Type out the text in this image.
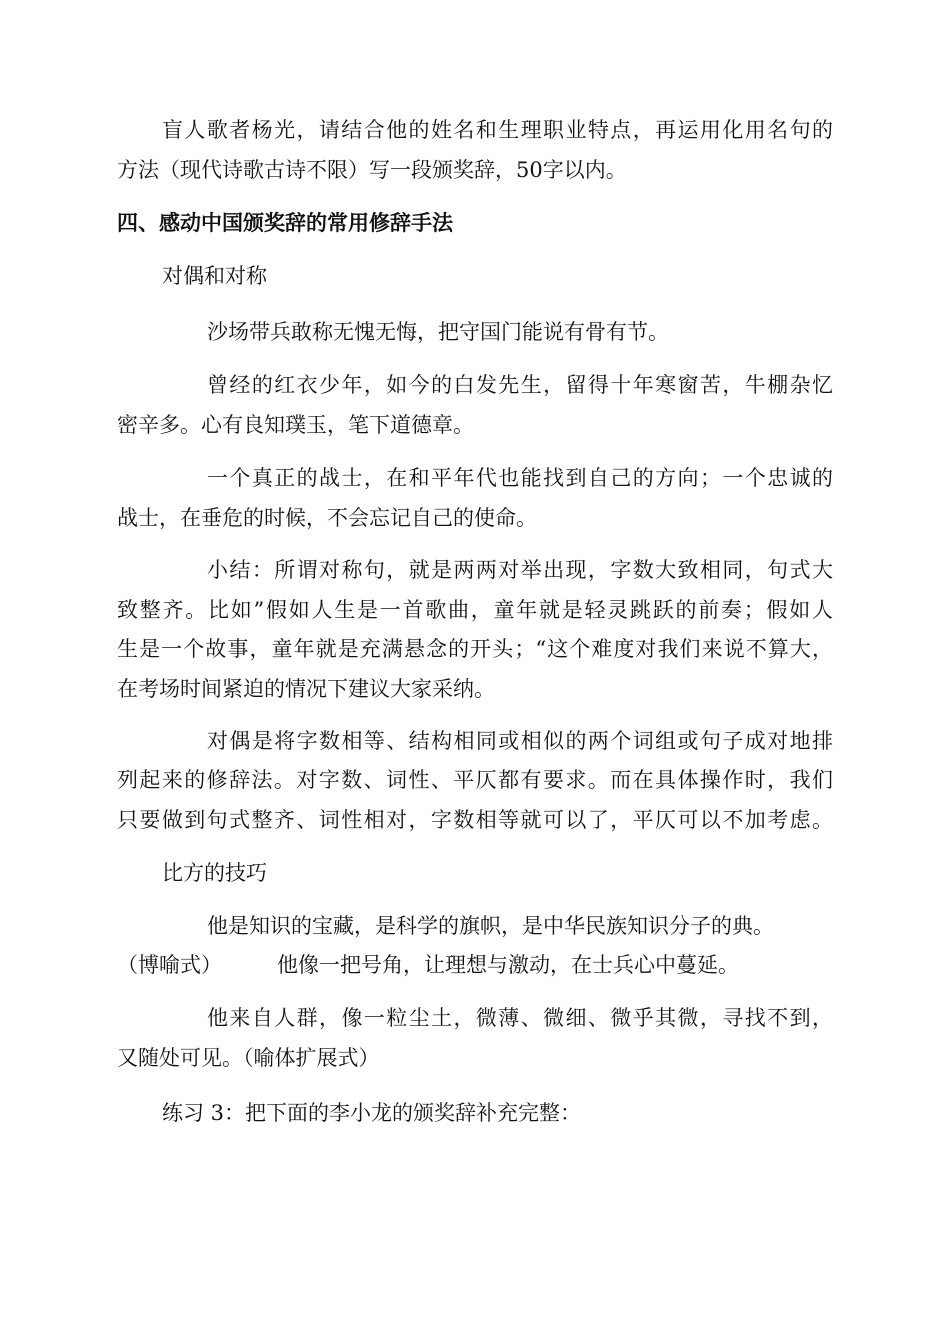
盲人歌者杨光，请结合他的姓名和生理职业特点，再运用化用名句的
方法（现代诗歌古诗不限）写一段颁奖辞，50字以内。
四、感动中国颁奖辞的常用修辞手法
对偶和对称
沙场带兵敢称无愧无悔，把守国门能说有骨有节。
曾经的红衣少年，如今的白发先生，留得十年寒窗苦，牛棚杂忆
密辛多。心有良知璞玉，笔下道德章。
一个真正的战士，在和平年代也能找到自己的方向；一个忠诚的
战士，在垂危的时候，不会忘记自己的使命。
小结：所谓对称句，就是两两对举出现，字数大致相同，句式大
致整齐。比如”假如人生是一首歌曲，童年就是轻灵跳跃的前奏；假如人
生是一个故事，童年就是充满悬念的开头；“这个难度对我们来说不算大，
在考场时间紧迫的情况下建议大家采纳。
对偶是将字数相等、结构相同或相似的两个词组或句子成对地排
列起来的修辞法。对字数、词性、平仄都有要求。而在具体操作时，我们
只要做到句式整齐、词性相对，字数相等就可以了，平仄可以不加考虑。
比方的技巧
他是知识的宝藏，是科学的旗帜，是中华民族知识分子的典。
（博喻式）	他像一把号角，让理想与激动，在士兵心中蔓延。
他来自人群，像一粒尘土，微薄、微细、微乎其微，寻找不到，
又随处可见。（喻体扩展式）
练习 3：把下面的李小龙的颁奖辞补充完整：
